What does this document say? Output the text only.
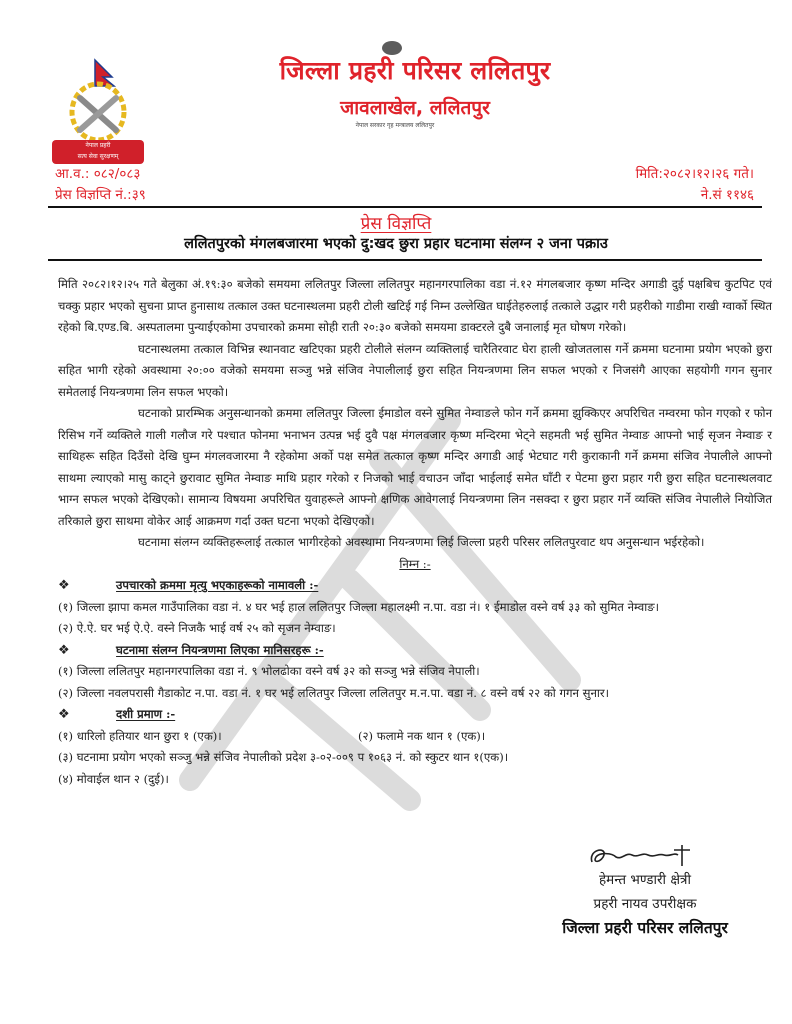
नेपाल प्रहरी
सत्य सेवा सुरक्षणम्
नेपाल सरकार गृह मन्त्रालय ललितपुर
जिल्ला प्रहरी परिसर ललितपुर
जावलाखेल, ललितपुर
आ.व.: ०८२/०८३
प्रेस विज्ञप्ति नं.:३९
मिति:२०८२।१२।२६ गते।
ने.सं ११४६
प्रेस विज्ञप्ति
ललितपुरको मंगलबजारमा भएको दु:खद छुरा प्रहार घटनामा संलग्न २ जना पक्राउ

मिति २०८२।१२।२५ गते बेलुका अं.१९:३० बजेको समयमा ललितपुर जिल्ला ललितपुर महानगरपालिका वडा नं.१२ मंगलबजार कृष्ण मन्दिर अगाडी दुई पक्षबिच कुटपिट एवं चक्कु प्रहार भएको सुचना प्राप्त हुनासाथ तत्काल उक्त घटनास्थलमा प्रहरी टोली खटिई गई निम्न उल्लेखित घाईतेहरुलाई तत्काले उद्धार गरी प्रहरीको गाडीमा राखी ग्वार्को स्थित रहेको बि.एण्ड.बि. अस्पतालमा पुन्याईएकोमा उपचारको क्रममा सोही राती २०:३० बजेको समयमा डाक्टरले दुबै जनालाई मृत घोषण गरेको।

घटनास्थलमा तत्काल विभिन्न स्थानवाट खटिएका प्रहरी टोलीले संलग्न व्यक्तिलाई चारैतिरवाट घेरा हाली खोजतलास गर्ने क्रममा घटनामा प्रयोग भएको छुरा सहित भागी रहेको अवस्थामा २०:०० वजेको समयमा सञ्जु भन्ने संजिव नेपालीलाई छुरा सहित नियन्त्रणमा लिन सफल भएको र निजसंगै आएका सहयोगी गगन सुनार समेतलाई नियन्त्रणमा लिन सफल भएको।

घटनाको प्रारम्भिक अनुसन्धानको क्रममा ललितपुर जिल्ला ईमाडोल वस्ने सुमित नेम्वाङले फोन गर्ने क्रममा झुक्किएर अपरिचित नम्वरमा फोन गएको र फोन रिसिभ गर्ने व्यक्तिले गाली गलौज गरे पश्चात फोनमा भनाभन उत्पन्न भई दुवै पक्ष मंगलवजार कृष्ण मन्दिरमा भेट्ने सहमती भई सुमित नेम्वाङ आफ्नो भाई सृजन नेम्वाङ र साथिहरू सहित दिउँसो देखि घुम्न मंगलवजारमा नै रहेकोमा अर्को पक्ष समेत तत्काल कृष्ण मन्दिर अगाडी आई भेटघाट गरी कुराकानी गर्ने क्रममा संजिव नेपालीले आफ्नो साथमा ल्याएको मासु काट्ने छुरावाट सुमित नेम्वाङ माथि प्रहार गरेको र निजको भाई वचाउन जाँदा भाईलाई समेत घाँटी र पेटमा छुरा प्रहार गरी छुरा सहित घटनास्थलवाट भाग्न सफल भएको देखिएको। सामान्य विषयमा अपरिचित युवाहरूले आफ्नो क्षणिक आवेगलाई नियन्त्रणमा लिन नसक्दा र छुरा प्रहार गर्ने व्यक्ति संजिव नेपालीले नियोजित तरिकाले छुरा साथमा वोकेर आई आक्रमण गर्दा उक्त घटना भएको देखिएको।

घटनामा संलग्न व्यक्तिहरूलाई तत्काल भागीरहेको अवस्थामा नियन्त्रणमा लिई जिल्ला प्रहरी परिसर ललितपुरवाट थप अनुसन्धान भईरहेको।

निम्न :-

❖	उपचारको क्रममा मृत्यु भएकाहरूको नामावली :-

(१) जिल्ला झापा कमल गाउँपालिका वडा नं. ४ घर भई हाल ललितपुर जिल्ला महालक्ष्मी न.पा. वडा नं। १ ईमाडोल वस्ने वर्ष ३३ को सुमित नेम्वाङ।

(२) ऐ.ऐ. घर भई ऐ.ऐ. वस्ने निजकै भाई वर्ष २५ को सृजन नेम्वाङ।

❖	घटनामा संलग्न नियन्त्रणमा लिएका मानिसरहरू :-

(१) जिल्ला ललितपुर महानगरपालिका वडा नं. ९ भोलढोका वस्ने वर्ष ३२ को सञ्जु भन्ने संजिव नेपाली।

(२) जिल्ला नवलपरासी गैडाकोट न.पा. वडा नं. १ घर भई ललितपुर जिल्ला ललितपुर म.न.पा. वडा नं. ८ वस्ने वर्ष २२ को गगन सुनार।

❖	दशी प्रमाण :-
(१) धारिलो हतियार थान छुरा १ (एक)।	(२) फलामे नक थान १ (एक)।

(३) घटनामा प्रयोग भएको सञ्जु भन्ने संजिव नेपालीको प्रदेश ३-०२-००९ प १०६३ नं. को स्कुटर थान १(एक)।

(४) मोवाईल थान २ (दुई)।

हेमन्त भण्डारी क्षेत्री
प्रहरी नायव उपरीक्षक
जिल्ला प्रहरी परिसर ललितपुर
